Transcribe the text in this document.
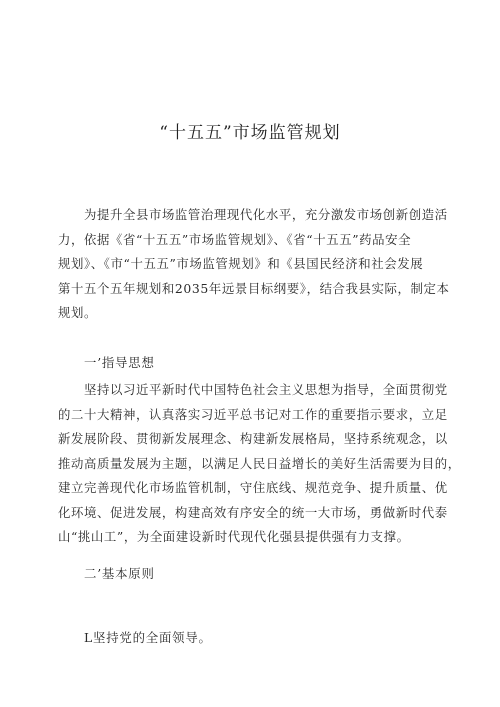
“十五五”市场监管规划
为提升全县市场监管治理现代化水平，充分激发市场创新创造活
力，依据《省“十五五”市场监管规划》、《省“十五五”药品安全
规划》、《市“十五五”市场监管规划》和《县国民经济和社会发展
第十五个五年规划和2035年远景目标纲要》，结合我县实际，制定本
规划。
一’指导思想
坚持以习近平新时代中国特色社会主义思想为指导，全面贯彻党
的二十大精神，认真落实习近平总书记对工作的重要指示要求，立足
新发展阶段、贯彻新发展理念、构建新发展格局，坚持系统观念，以
推动高质量发展为主题，以满足人民日益增长的美好生活需要为目的，
建立完善现代化市场监管机制，守住底线、规范竞争、提升质量、优
化环境、促进发展，构建高效有序安全的统一大市场，勇做新时代泰
山“挑山工”，为全面建设新时代现代化强县提供强有力支撑。
二’基本原则
L坚持党的全面领导。
